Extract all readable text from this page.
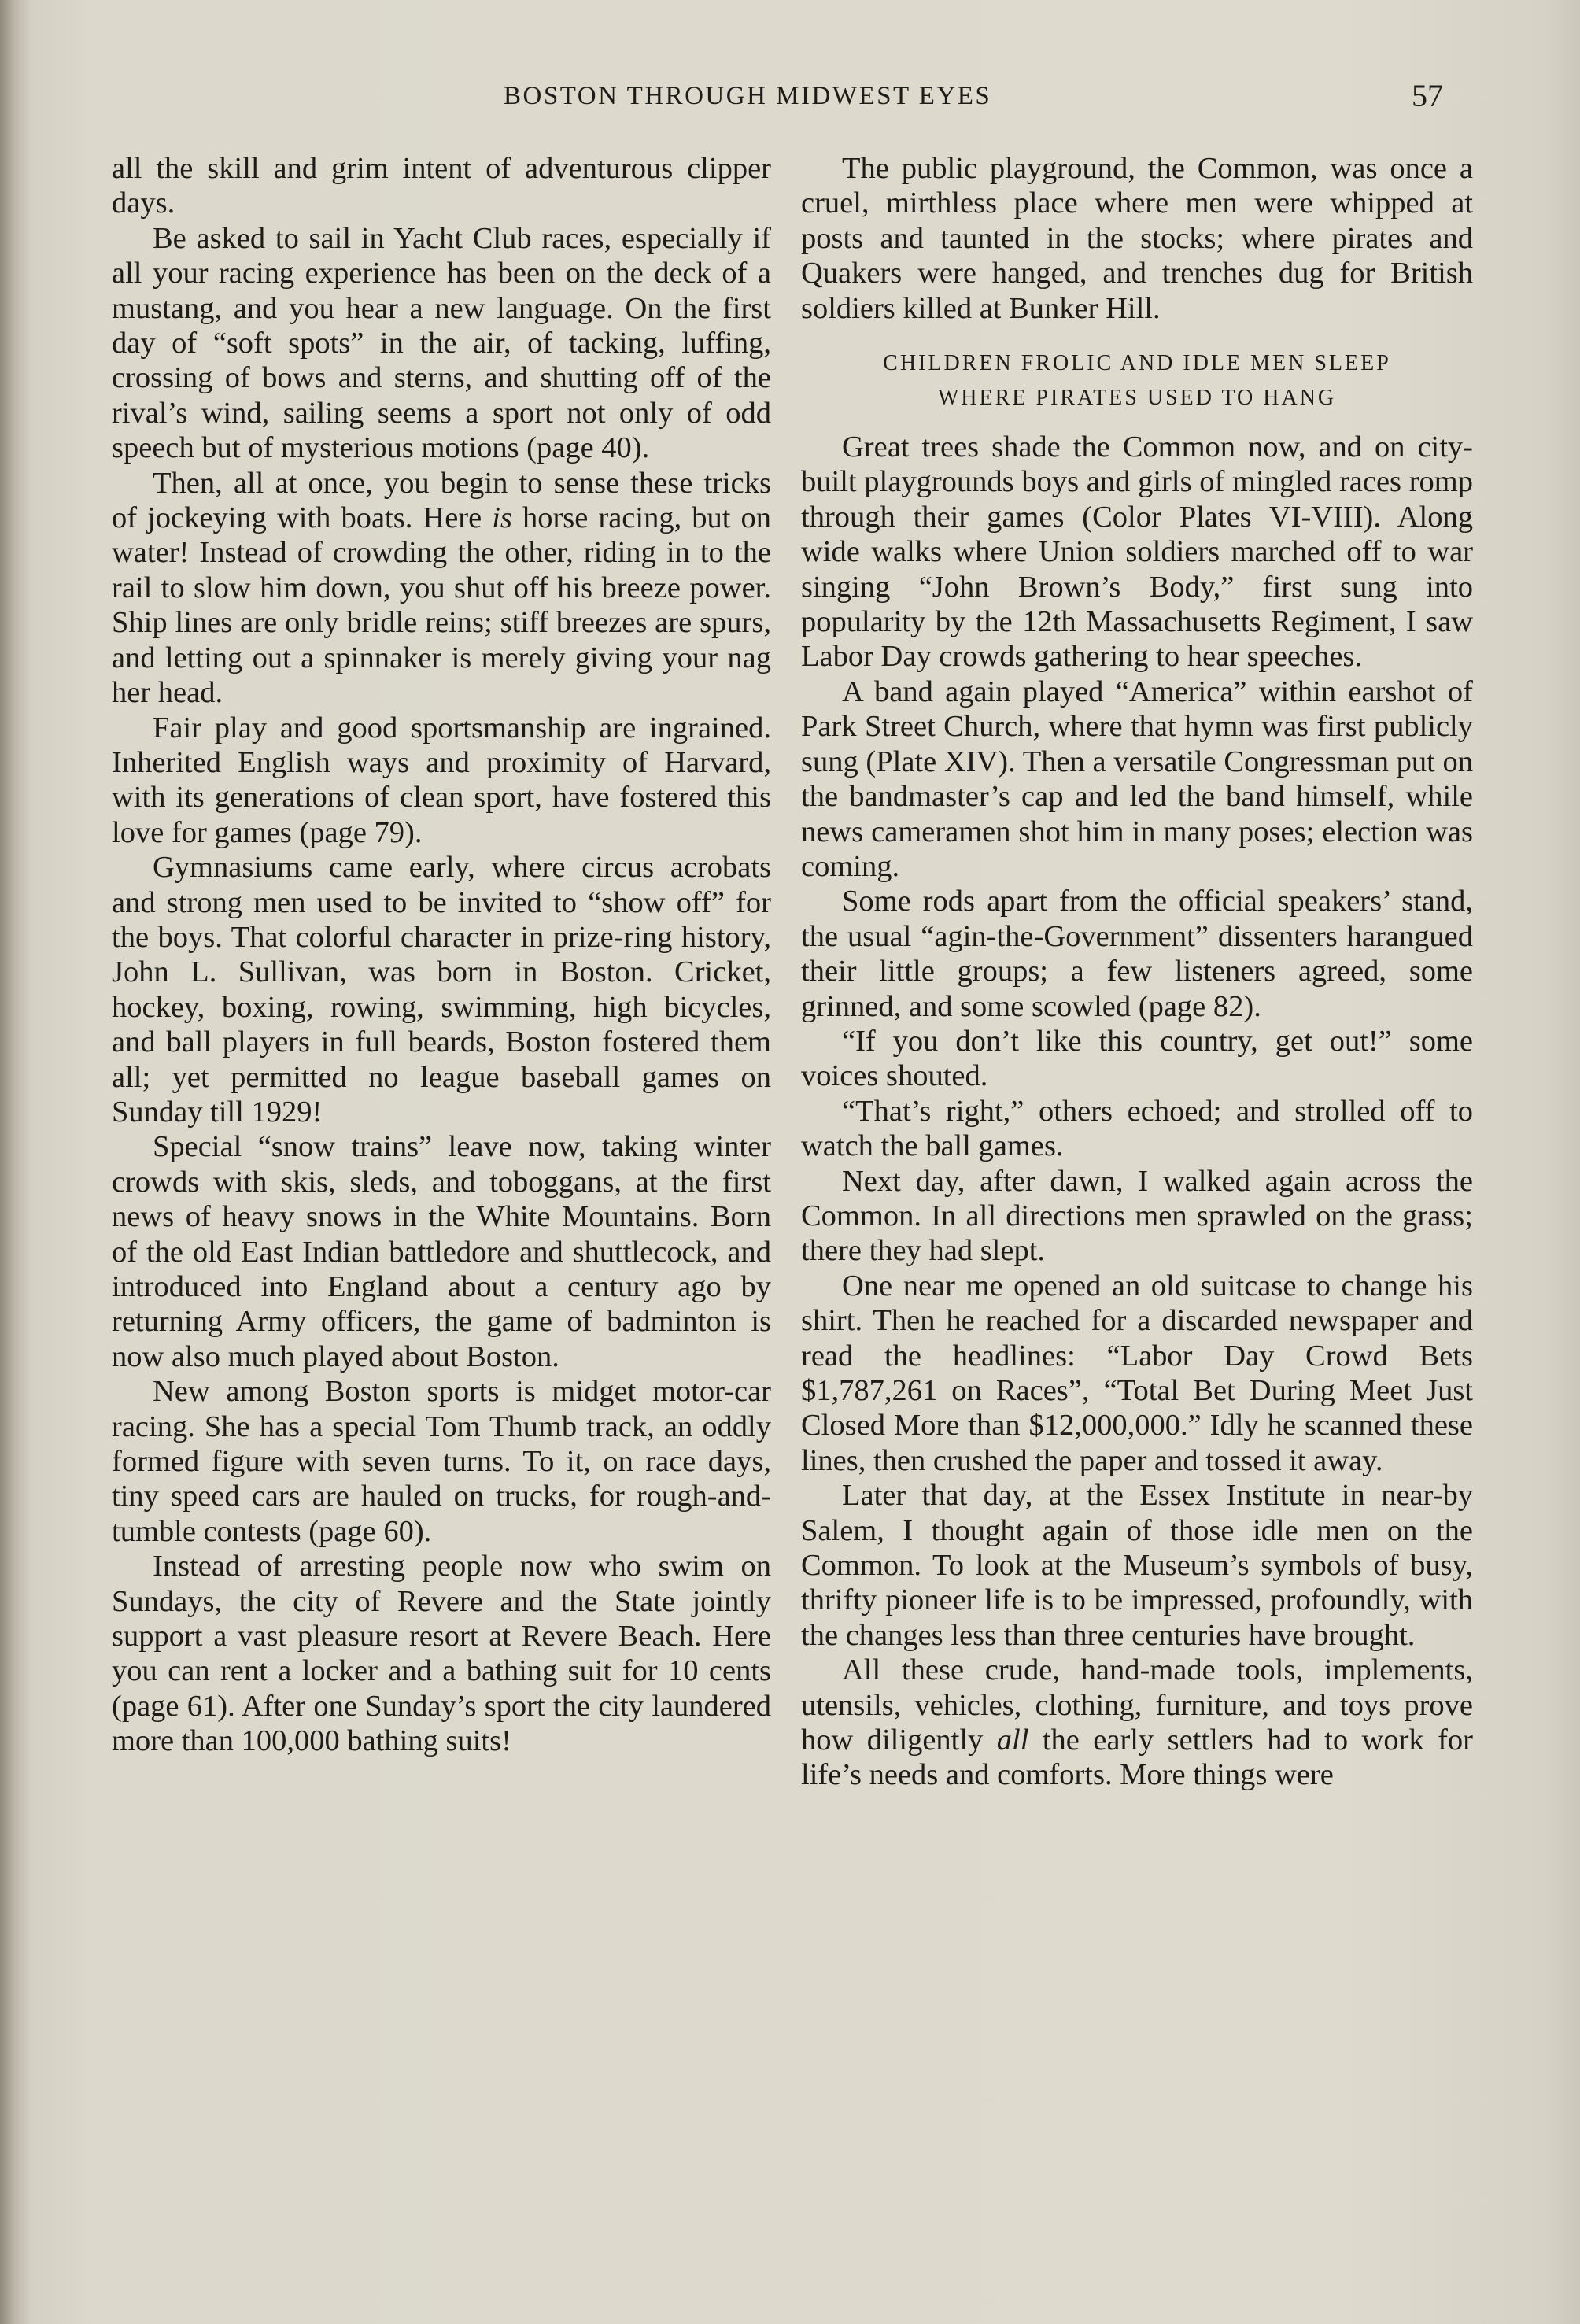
BOSTON THROUGH MIDWEST EYES	57

all the skill and grim intent of adventurous clipper days.

Be asked to sail in Yacht Club races, especially if all your racing experience has been on the deck of a mustang, and you hear a new language. On the first day of “soft spots” in the air, of tacking, luffing, crossing of bows and sterns, and shutting off of the rival’s wind, sailing seems a sport not only of odd speech but of mysterious motions (page 40).

Then, all at once, you begin to sense these tricks of jockeying with boats. Here is horse racing, but on water! Instead of crowding the other, riding in to the rail to slow him down, you shut off his breeze power. Ship lines are only bridle reins; stiff breezes are spurs, and letting out a spinnaker is merely giving your nag her head.

Fair play and good sportsmanship are ingrained. Inherited English ways and proximity of Harvard, with its generations of clean sport, have fostered this love for games (page 79).

Gymnasiums came early, where circus acrobats and strong men used to be invited to “show off” for the boys. That colorful character in prize-ring history, John L. Sullivan, was born in Boston. Cricket, hockey, boxing, rowing, swimming, high bicycles, and ball players in full beards, Boston fostered them all; yet permitted no league baseball games on Sunday till 1929!

Special “snow trains” leave now, taking winter crowds with skis, sleds, and toboggans, at the first news of heavy snows in the White Mountains. Born of the old East Indian battledore and shuttlecock, and introduced into England about a century ago by returning Army officers, the game of badminton is now also much played about Boston.

New among Boston sports is midget motor-car racing. She has a special Tom Thumb track, an oddly formed figure with seven turns. To it, on race days, tiny speed cars are hauled on trucks, for rough-and-tumble contests (page 60).

Instead of arresting people now who swim on Sundays, the city of Revere and the State jointly support a vast pleasure resort at Revere Beach. Here you can rent a locker and a bathing suit for 10 cents (page 61). After one Sunday’s sport the city laundered more than 100,000 bathing suits!

The public playground, the Common, was once a cruel, mirthless place where men were whipped at posts and taunted in the stocks; where pirates and Quakers were hanged, and trenches dug for British soldiers killed at Bunker Hill.

CHILDREN FROLIC AND IDLE MEN SLEEP
WHERE PIRATES USED TO HANG

Great trees shade the Common now, and on city-built playgrounds boys and girls of mingled races romp through their games (Color Plates VI-VIII). Along wide walks where Union soldiers marched off to war singing “John Brown’s Body,” first sung into popularity by the 12th Massachusetts Regiment, I saw Labor Day crowds gathering to hear speeches.

A band again played “America” within earshot of Park Street Church, where that hymn was first publicly sung (Plate XIV). Then a versatile Congressman put on the bandmaster’s cap and led the band himself, while news cameramen shot him in many poses; election was coming.

Some rods apart from the official speakers’ stand, the usual “agin-the-Government” dissenters harangued their little groups; a few listeners agreed, some grinned, and some scowled (page 82).

“If you don’t like this country, get out!” some voices shouted.

“That’s right,” others echoed; and strolled off to watch the ball games.

Next day, after dawn, I walked again across the Common. In all directions men sprawled on the grass; there they had slept.

One near me opened an old suitcase to change his shirt. Then he reached for a discarded newspaper and read the headlines: “Labor Day Crowd Bets $1,787,261 on Races”, “Total Bet During Meet Just Closed More than $12,000,000.” Idly he scanned these lines, then crushed the paper and tossed it away.

Later that day, at the Essex Institute in near-by Salem, I thought again of those idle men on the Common. To look at the Museum’s symbols of busy, thrifty pioneer life is to be impressed, profoundly, with the changes less than three centuries have brought.

All these crude, hand-made tools, implements, utensils, vehicles, clothing, furniture, and toys prove how diligently all the early settlers had to work for life’s needs and comforts. More things were
